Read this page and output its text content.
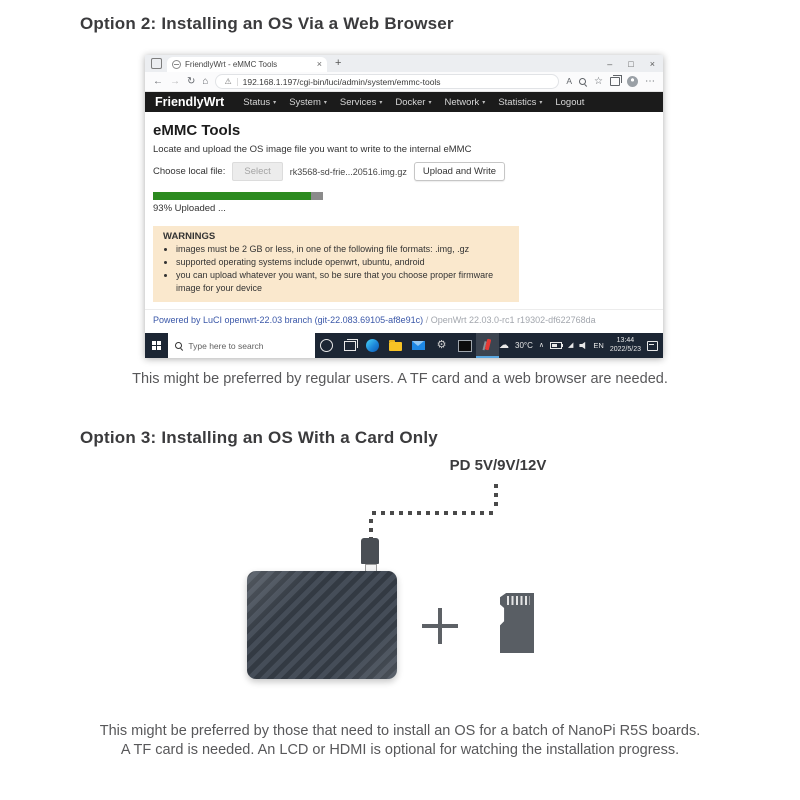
Option 2: Installing an OS Via a Web Browser
FriendlyWrt - eMMC Tools	× +	– □ ×
← → ↻ ⌂ ⚠	192.168.1.197/cgi-bin/luci/admin/system/emmc-tools	A ☆	⋯
FriendlyWrt Status ▾ System ▾ Services ▾ Docker ▾ Network ▾ Statistics ▾ Logout
eMMC Tools
Locate and upload the OS image file you want to write to the internal eMMC
Choose local file:	Select	rk3568-sd-frie...20516.img.gz	Upload and Write
93% Uploaded ...
WARNINGS
• images must be 2 GB or less, in one of the following file formats: .img, .gz
• supported operating systems include openwrt, ubuntu, android
• you can upload whatever you want, so be sure that you choose proper firmware image for your device
Powered by LuCI openwrt-22.03 branch (git-22.083.69105-af8e91c) / OpenWrt 22.03.0-rc1 r19302-df622768da
Type here to search	⚙	☁ 30°C ∧	◢	EN
13:44
2022/5/23

This might be preferred by regular users. A TF card and a web browser are needed.

Option 3: Installing an OS With a Card Only

PD 5V/9V/12V

This might be preferred by those that need to install an OS for a batch of NanoPi R5S boards.

A TF card is needed. An LCD or HDMI is optional for watching the installation progress.
